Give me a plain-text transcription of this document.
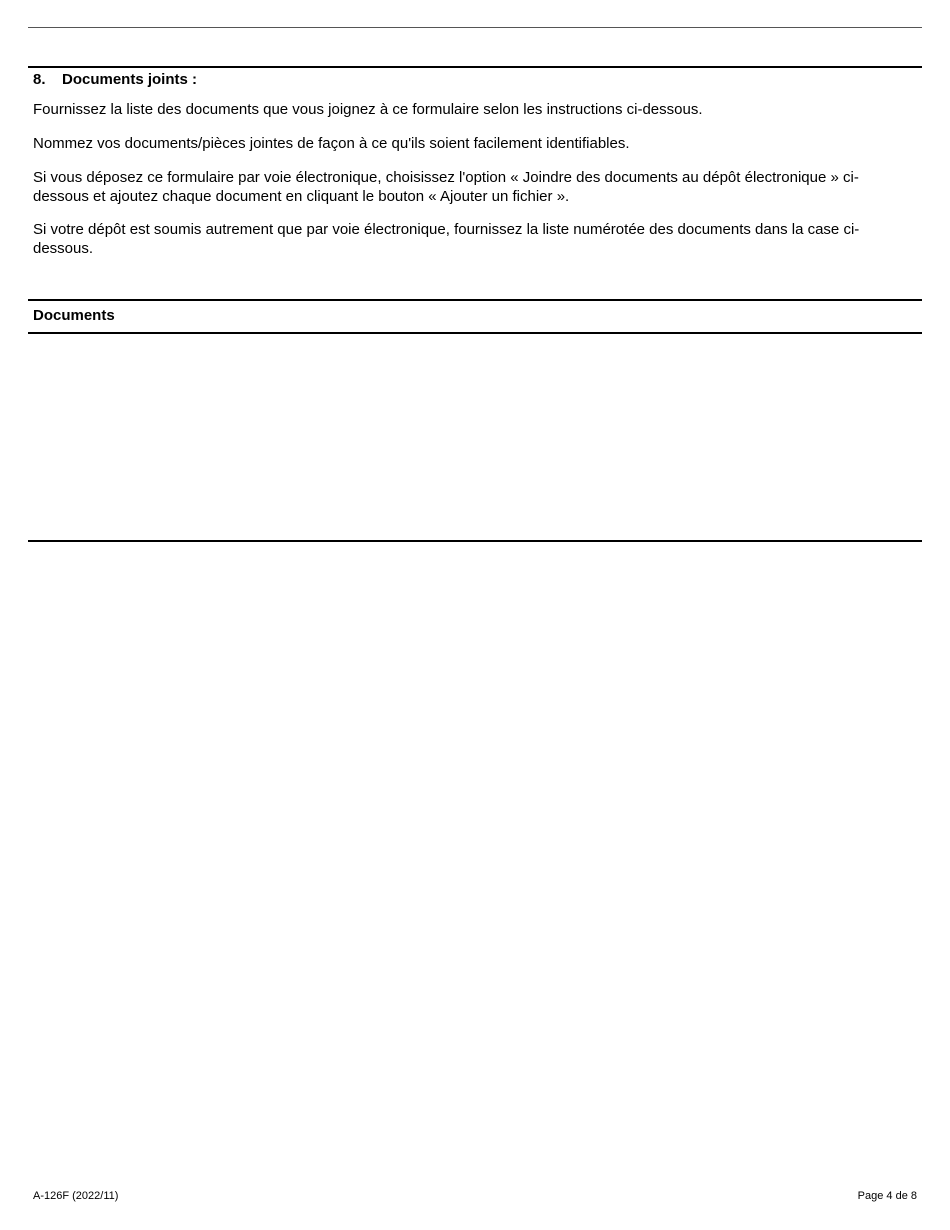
8.	Documents joints :

Fournissez la liste des documents que vous joignez à ce formulaire selon les instructions ci-dessous.

Nommez vos documents/pièces jointes de façon à ce qu'ils soient facilement identifiables.

Si vous déposez ce formulaire par voie électronique, choisissez l'option « Joindre des documents au dépôt électronique » ci-dessous et ajoutez chaque document en cliquant le bouton « Ajouter un fichier ».

Si votre dépôt est soumis autrement que par voie électronique, fournissez la liste numérotée des documents dans la case ci-dessous.

Documents
A-126F (2022/11)	Page 4 de 8
